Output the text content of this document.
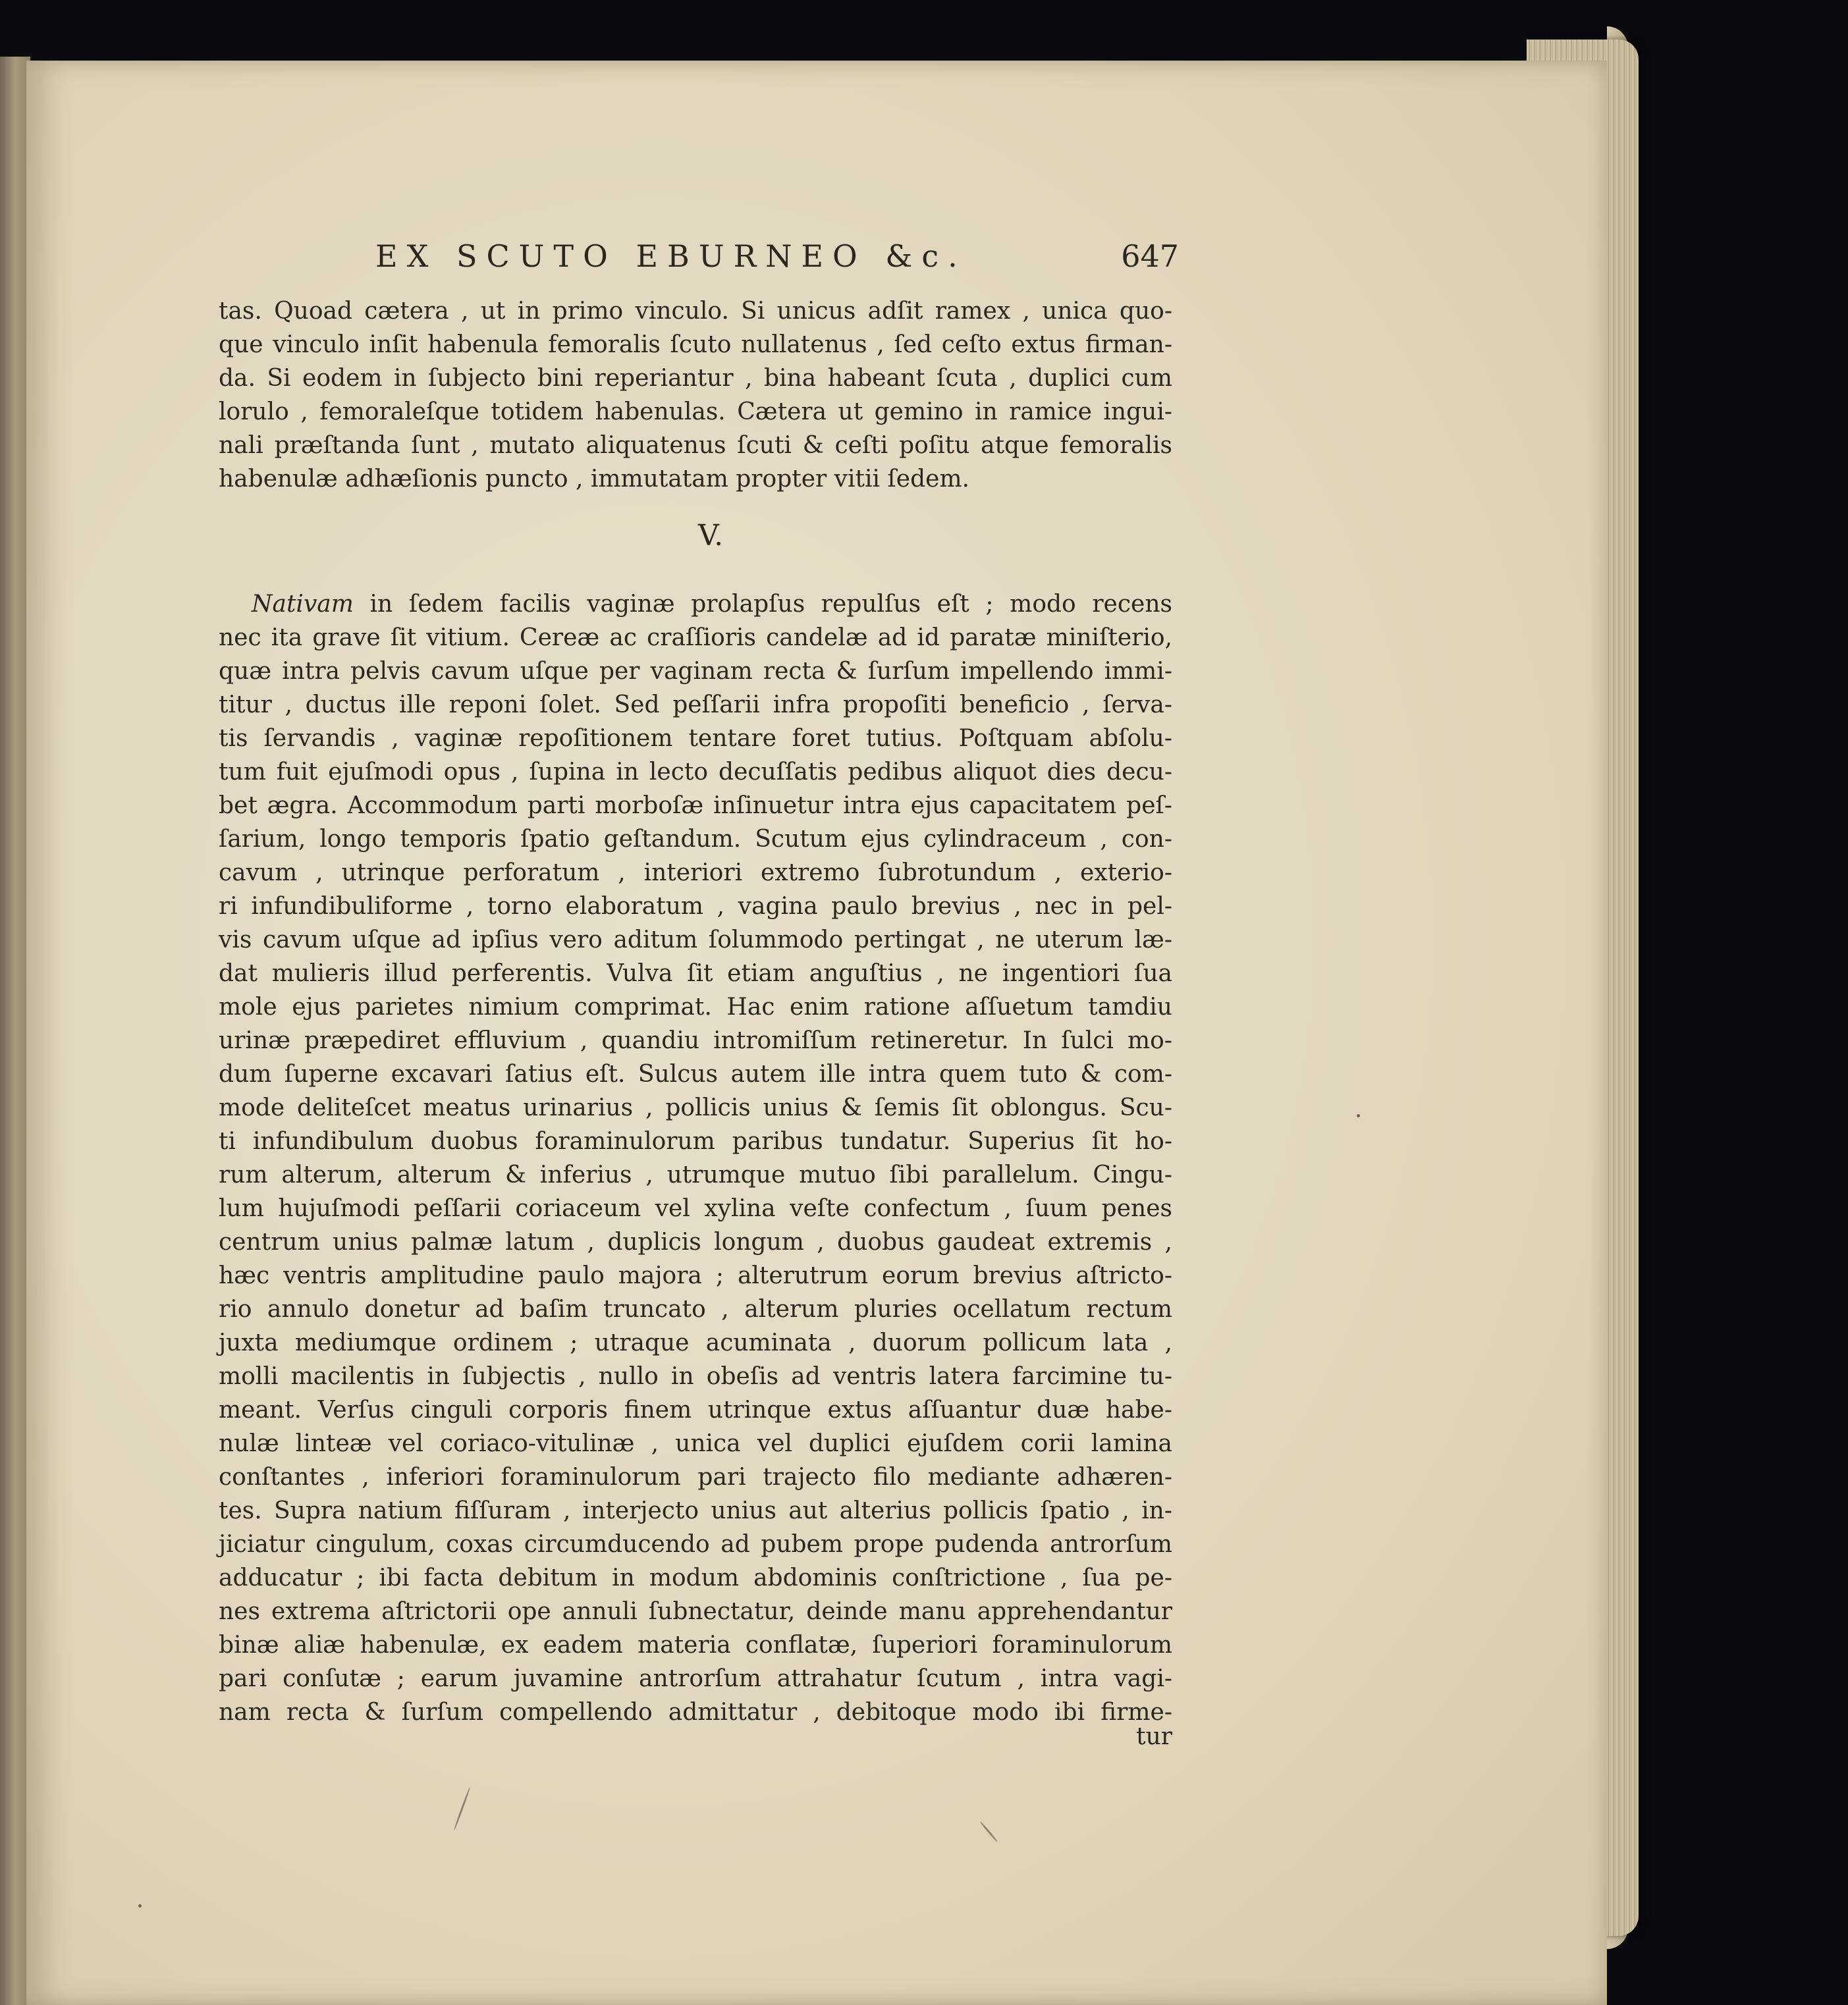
EX SCUTO EBURNEO &c.	647
tas. Quoad cætera , ut in primo vinculo. Si unicus adſit ramex , unica quo-
que vinculo inſit habenula femoralis ſcuto nullatenus , ſed ceſto extus firman-
da. Si eodem in ſubjecto bini reperiantur , bina habeant ſcuta , duplici cum
lorulo , femoraleſque totidem habenulas. Cætera ut gemino in ramice ingui-
nali præſtanda ſunt , mutato aliquatenus ſcuti & ceſti poſitu atque femoralis
habenulæ adhæſionis puncto , immutatam propter vitii ſedem.
V.
Nativam in ſedem facilis vaginæ prolapſus repulſus eſt ; modo recens
nec ita grave ſit vitium. Cereæ ac craſſioris candelæ ad id paratæ miniſterio,
quæ intra pelvis cavum uſque per vaginam recta & ſurſum impellendo immi-
titur , ductus ille reponi ſolet. Sed peſſarii infra propoſiti beneficio , ſerva-
tis ſervandis , vaginæ repoſitionem tentare foret tutius. Poſtquam abſolu-
tum fuit ejuſmodi opus , ſupina in lecto decuſſatis pedibus aliquot dies decu-
bet ægra. Accommodum parti morboſæ inſinuetur intra ejus capacitatem peſ-
ſarium, longo temporis ſpatio geſtandum. Scutum ejus cylindraceum , con-
cavum , utrinque perforatum , interiori extremo ſubrotundum , exterio-
ri infundibuliforme , torno elaboratum , vagina paulo brevius , nec in pel-
vis cavum uſque ad ipſius vero aditum ſolummodo pertingat , ne uterum læ-
dat mulieris illud perferentis. Vulva ſit etiam anguſtius , ne ingentiori ſua
mole ejus parietes nimium comprimat. Hac enim ratione aſſuetum tamdiu
urinæ præpediret effluvium , quandiu intromiſſum retineretur. In ſulci mo-
dum ſuperne excavari ſatius eſt. Sulcus autem ille intra quem tuto & com-
mode deliteſcet meatus urinarius , pollicis unius & ſemis ſit oblongus. Scu-
ti infundibulum duobus foraminulorum paribus tundatur. Superius ſit ho-
rum alterum, alterum & inferius , utrumque mutuo ſibi parallelum. Cingu-
lum hujuſmodi peſſarii coriaceum vel xylina veſte confectum , ſuum penes
centrum unius palmæ latum , duplicis longum , duobus gaudeat extremis ,
hæc ventris amplitudine paulo majora ; alterutrum eorum brevius aſtricto-
rio annulo donetur ad baſim truncato , alterum pluries ocellatum rectum
juxta mediumque ordinem ; utraque acuminata , duorum pollicum lata ,
molli macilentis in ſubjectis , nullo in obeſis ad ventris latera farcimine tu-
meant. Verſus cinguli corporis finem utrinque extus aſſuantur duæ habe-
nulæ linteæ vel coriaco-vitulinæ , unica vel duplici ejuſdem corii lamina
conſtantes , inferiori foraminulorum pari trajecto filo mediante adhæren-
tes. Supra natium fiſſuram , interjecto unius aut alterius pollicis ſpatio , in-
jiciatur cingulum, coxas circumducendo ad pubem prope pudenda antrorſum
adducatur ; ibi facta debitum in modum abdominis conſtrictione , ſua pe-
nes extrema aſtrictorii ope annuli ſubnectatur, deinde manu apprehendantur
binæ aliæ habenulæ, ex eadem materia conflatæ, ſuperiori foraminulorum
pari conſutæ ; earum juvamine antrorſum attrahatur ſcutum , intra vagi-
nam recta & ſurſum compellendo admittatur , debitoque modo ibi firme-
tur
